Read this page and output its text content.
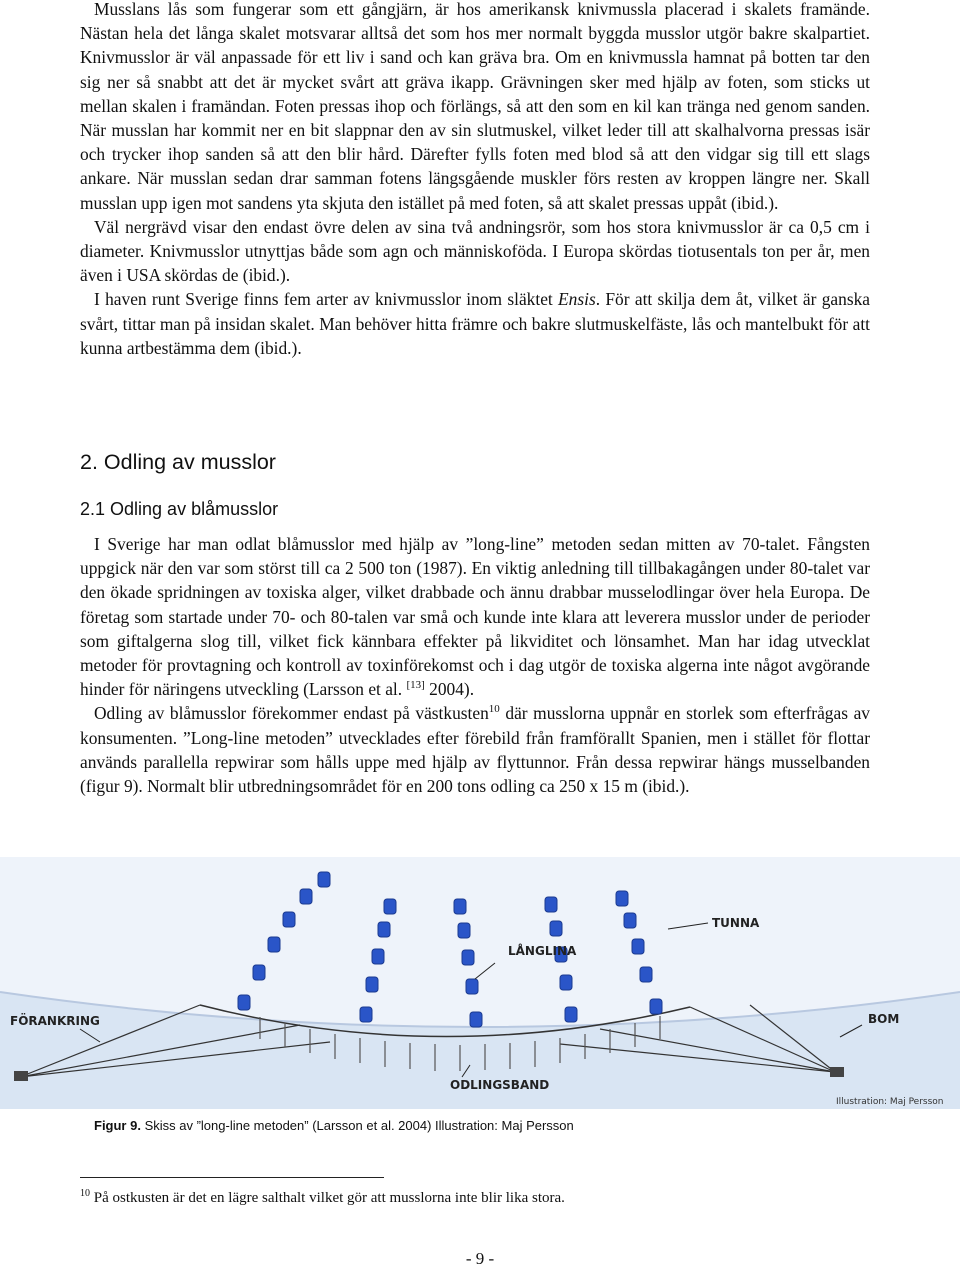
Musslans lås som fungerar som ett gångjärn, är hos amerikansk knivmussla placerad i skalets framände. Nästan hela det långa skalet motsvarar alltså det som hos mer normalt byggda musslor utgör bakre skalpartiet. Knivmusslor är väl anpassade för ett liv i sand och kan gräva bra. Om en knivmussla hamnat på botten tar den sig ner så snabbt att det är mycket svårt att gräva ikapp. Grävningen sker med hjälp av foten, som sticks ut mellan skalen i framändan. Foten pressas ihop och förlängs, så att den som en kil kan tränga ned genom sanden. När musslan har kommit ner en bit slappnar den av sin slutmuskel, vilket leder till att skalhalvorna pressas isär och trycker ihop sanden så att den blir hård. Därefter fylls foten med blod så att den vidgar sig till ett slags ankare. När musslan sedan drar samman fotens längsgående muskler förs resten av kroppen längre ner. Skall musslan upp igen mot sandens yta skjuta den istället på med foten, så att skalet pressas uppåt (ibid.).

Väl nergrävd visar den endast övre delen av sina två andningsrör, som hos stora knivmusslor är ca 0,5 cm i diameter. Knivmusslor utnyttjas både som agn och människoföda. I Europa skördas tiotusentals ton per år, men även i USA skördas de (ibid.).

I haven runt Sverige finns fem arter av knivmusslor inom släktet Ensis. För att skilja dem åt, vilket är ganska svårt, tittar man på insidan skalet. Man behöver hitta främre och bakre slutmuskelfäste, lås och mantelbukt för att kunna artbestämma dem (ibid.).

2. Odling av musslor
2.1 Odling av blåmusslor

I Sverige har man odlat blåmusslor med hjälp av ”long-line” metoden sedan mitten av 70-talet. Fångsten uppgick när den var som störst till ca 2 500 ton (1987). En viktig anledning till tillbakagången under 80-talet var den ökade spridningen av toxiska alger, vilket drabbade och ännu drabbar musselodlingar över hela Europa. De företag som startade under 70- och 80-talen var små och kunde inte klara att leverera musslor under de perioder som giftalgerna slog till, vilket fick kännbara effekter på likviditet och lönsamhet. Man har idag utvecklat metoder för provtagning och kontroll av toxinförekomst och i dag utgör de toxiska algerna inte något avgörande hinder för näringens utveckling (Larsson et al. [13] 2004).

Odling av blåmusslor förekommer endast på västkusten$^{10}$ där musslorna uppnår en storlek som efterfrågas av konsumenten. ”Long-line metoden” utvecklades efter förebild från framförallt Spanien, men i stället för flottar används parallella repwirar som hålls uppe med hjälp av flyttunnor. Från dessa repwirar hängs musselbanden (figur 9). Normalt blir utbredningsområdet för en 200 tons odling ca 250 x 15 m (ibid.).

TUNNA
LÅNGLINA
FÖRANKRING	BOM
ODLINGSBAND
Illustration: Maj Persson
Figur 9. Skiss av ”long-line metoden” (Larsson et al. 2004) Illustration: Maj Persson
$^{10}$ På ostkusten är det en lägre salthalt vilket gör att musslorna inte blir lika stora.
- 9 -
